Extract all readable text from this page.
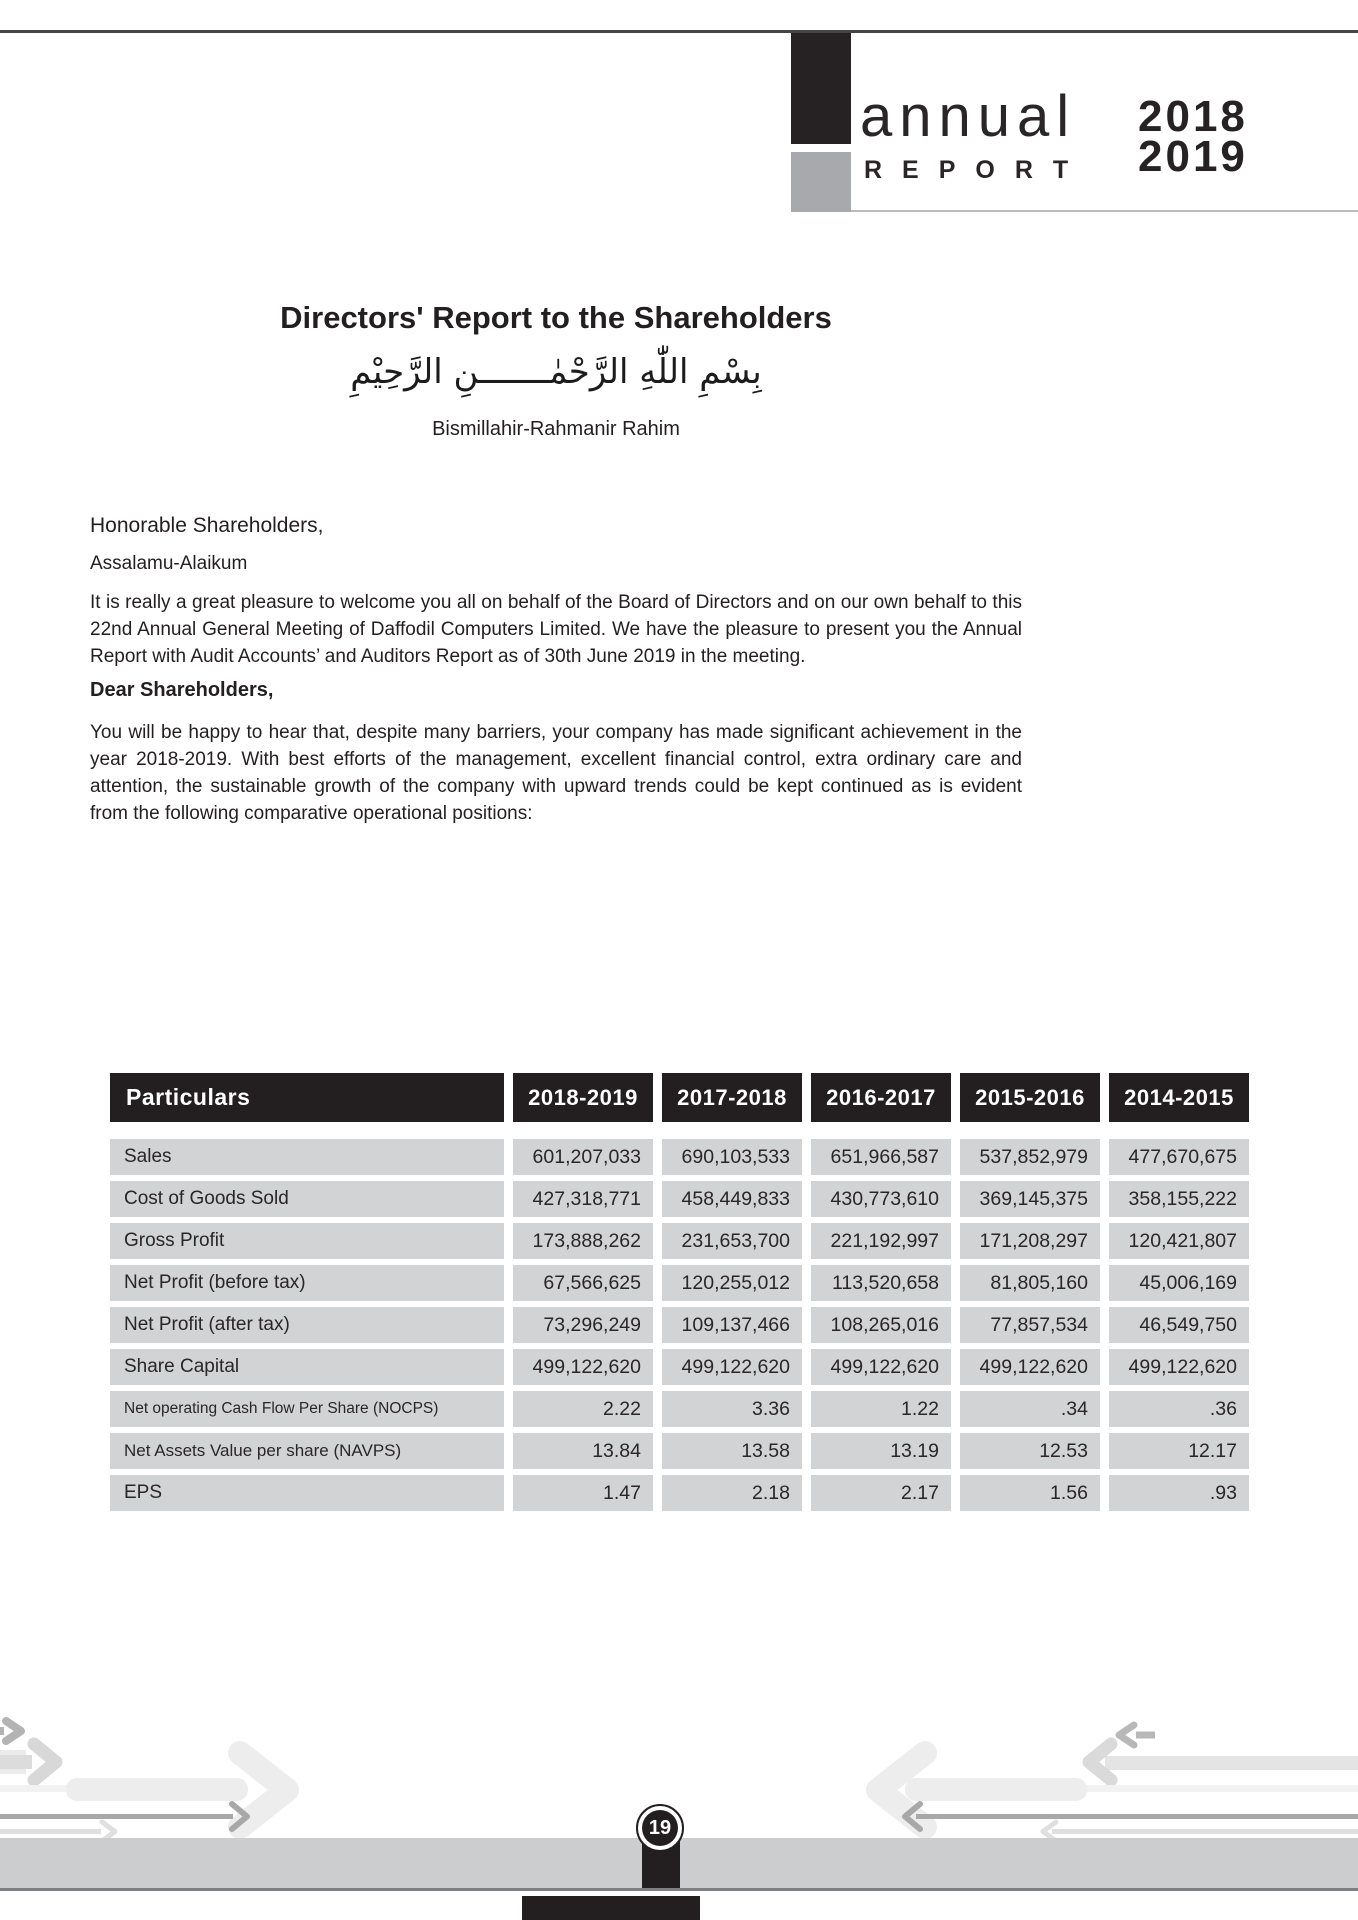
annual
REPORT
2018
2019
Directors' Report to the Shareholders
بِسْمِ اللّٰهِ الرَّحْمٰـــــــنِ الرَّحِيْمِ
Bismillahir-Rahmanir Rahim
Honorable Shareholders,
Assalamu-Alaikum

It is really a great pleasure to welcome you all on behalf of the Board of Directors and on our own behalf to this 22nd Annual General Meeting of Daffodil Computers Limited. We have the pleasure to present you the Annual Report with Audit Accounts’ and Auditors Report as of 30th June 2019 in the meeting.

Dear Shareholders,

You will be happy to hear that, despite many barriers, your company has made significant achievement in the year 2018-2019. With best efforts of the management, excellent financial control, extra ordinary care and attention, the sustainable growth of the company with upward trends could be kept continued as is evident from the following comparative operational positions:

Particulars	2018-2019	2017-2018	2016-2017	2015-2016	2014-2015
Sales	601,207,033	690,103,533	651,966,587	537,852,979	477,670,675
Cost of Goods Sold	427,318,771	458,449,833	430,773,610	369,145,375	358,155,222
Gross Profit	173,888,262	231,653,700	221,192,997	171,208,297	120,421,807
Net Profit (before tax)	67,566,625	120,255,012	113,520,658	81,805,160	45,006,169
Net Profit (after tax)	73,296,249	109,137,466	108,265,016	77,857,534	46,549,750
Share Capital	499,122,620	499,122,620	499,122,620	499,122,620	499,122,620
Net operating Cash Flow Per Share (NOCPS)	2.22	3.36	1.22	.34	.36
Net Assets Value per share (NAVPS)	13.84	13.58	13.19	12.53	12.17
EPS	1.47	2.18	2.17	1.56	.93
19
